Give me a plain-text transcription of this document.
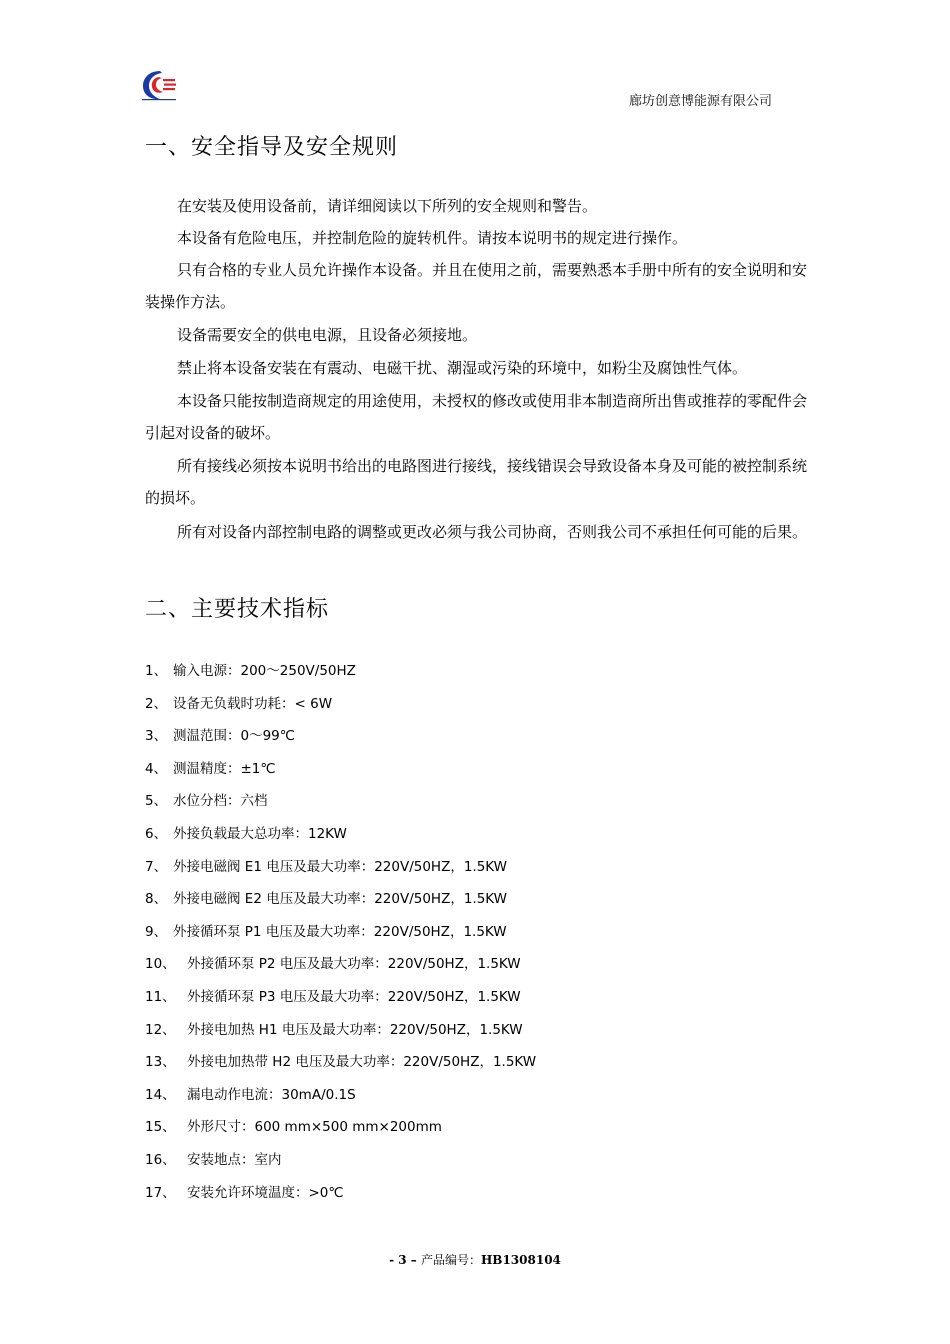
廊坊创意博能源有限公司
一、安全指导及安全规则

在安装及使用设备前，请详细阅读以下所列的安全规则和警告。

本设备有危险电压，并控制危险的旋转机件。请按本说明书的规定进行操作。

只有合格的专业人员允许操作本设备。并且在使用之前，需要熟悉本手册中所有的安全说明和安装操作方法。

设备需要安全的供电电源，且设备必须接地。

禁止将本设备安装在有震动、电磁干扰、潮湿或污染的环境中，如粉尘及腐蚀性气体。

本设备只能按制造商规定的用途使用，未授权的修改或使用非本制造商所出售或推荐的零配件会引起对设备的破坏。

所有接线必须按本说明书给出的电路图进行接线，接线错误会导致设备本身及可能的被控制系统的损坏。

所有对设备内部控制电路的调整或更改必须与我公司协商，否则我公司不承担任何可能的后果。

二、主要技术指标
1、 输入电源：200～250V/50HZ
2、 设备无负载时功耗：< 6W
3、 测温范围：0～99℃
4、 测温精度：±1℃
5、 水位分档：六档
6、 外接负载最大总功率：12KW
7、 外接电磁阀 E1 电压及最大功率：220V/50HZ，1.5KW
8、 外接电磁阀 E2 电压及最大功率：220V/50HZ，1.5KW
9、 外接循环泵 P1 电压及最大功率：220V/50HZ，1.5KW
10、 外接循环泵 P2 电压及最大功率：220V/50HZ，1.5KW
11、 外接循环泵 P3 电压及最大功率：220V/50HZ，1.5KW
12、 外接电加热 H1 电压及最大功率：220V/50HZ，1.5KW
13、 外接电加热带 H2 电压及最大功率：220V/50HZ，1.5KW
14、 漏电动作电流：30mA/0.1S
15、 外形尺寸：600 mm×500 mm×200mm
16、 安装地点：室内
17、 安装允许环境温度：>0℃
- 3 – 产品编号：HB1308104
